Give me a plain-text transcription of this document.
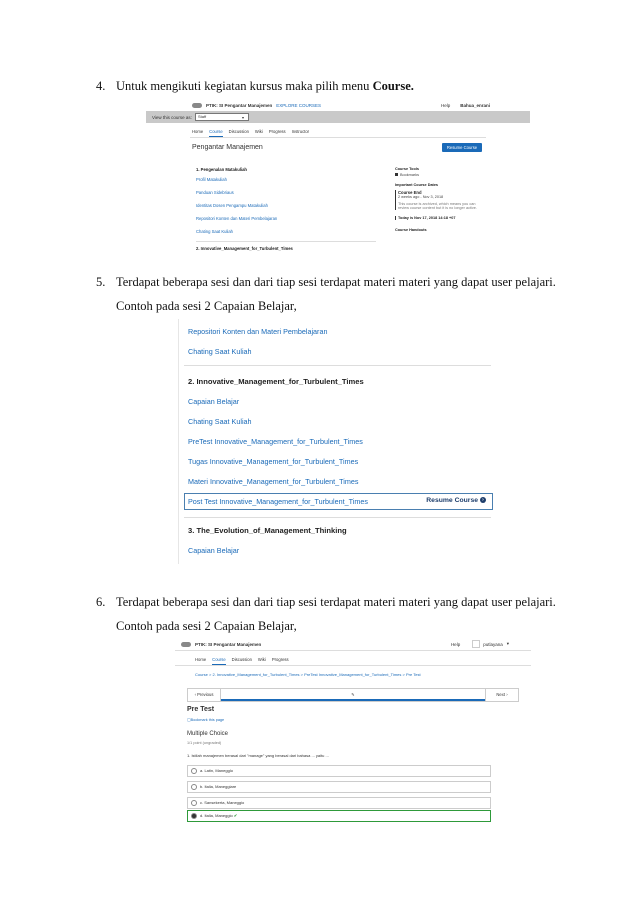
4. Untuk mengikuti kegiatan kursus maka pilih menu Course.
PTIK: SI Pengantar Manajemen EXPLORE COURSES	Help Bahua_enrani
View this course as:	Staff	▾
Home Course Discussion Wiki Progress Instructor
Pengantar Manajemen	Resume Course
1. Pengenalan Matakuliah
Profil Matakuliah
Panduan Sidebriaus
Identitas Dosen Pengampu Matakuliah
Repositori Konten dan Materi Pembelajaran
Chating Saat Kuliah
2. Innovative_Management_for_Turbulent_Times
Course Tools
Bookmarks
Important Course Dates
Course End
2 weeks ago - Nov 3, 2018
This course is archived, which means you can review course content but it is no longer active.
Today is Nov 17, 2018 14:18 +07
Course Handouts
5. Terdapat beberapa sesi dan dari tiap sesi terdapat materi materi yang dapat user pelajari.
Contoh pada sesi 2 Capaian Belajar,
Repositori Konten dan Materi Pembelajaran
Chating Saat Kuliah
2. Innovative_Management_for_Turbulent_Times
Capaian Belajar
Chating Saat Kuliah
PreTest Innovative_Management_for_Turbulent_Times
Tugas Innovative_Management_for_Turbulent_Times
Materi Innovative_Management_for_Turbulent_Times
Post Test Innovative_Management_for_Turbulent_Times	Resume Course ›
3. The_Evolution_of_Management_Thinking
Capaian Belajar
6. Terdapat beberapa sesi dan dari tiap sesi terdapat materi materi yang dapat user pelajari.
Contoh pada sesi 2 Capaian Belajar,
PTIK: SI Pengantar Manajemen	Help	putlayana ▾
Home Course Discussion Wiki Progress
Course > 2. Innovative_Management_for_Turbulent_Times > PreTest Innovative_Management_for_Turbulent_Times > Pre Test
‹ Previous	✎	Next ›
Pre Test
▢Bookmark this page
Multiple Choice
1/1 point (ungraded)
1. Istilah manajemen berasal dari "manage" yang berasal dari bahasa ... yaitu ...
a. Latin, Manegglo
b. Italia, Maneggiare
c. Sansekerta, Maneggio
d. Italia, Maneggio ✔
